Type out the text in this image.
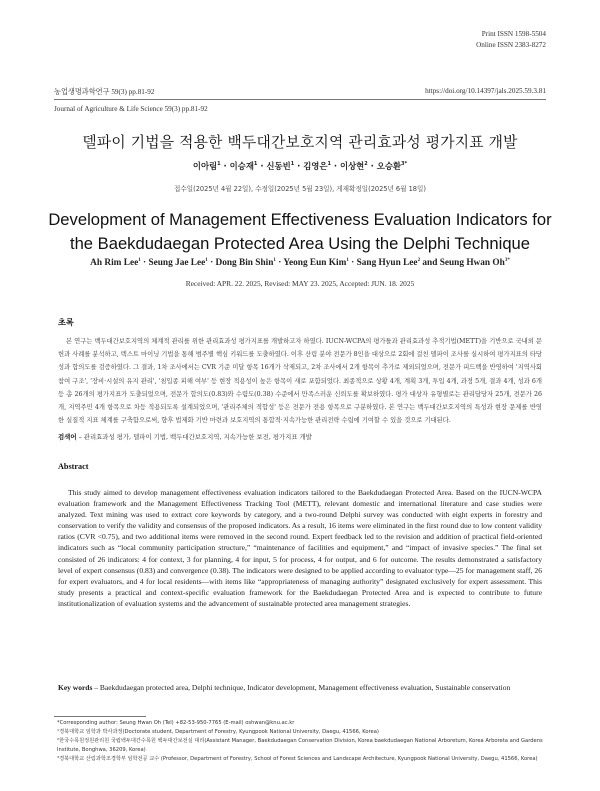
Print ISSN 1598-5504
Online ISSN 2383-8272
농업생명과학연구 59(3) pp.81-92	https://doi.org/10.14397/jals.2025.59.3.81
Journal of Agriculture & Life Science 59(3) pp.81-92
델파이 기법을 적용한 백두대간보호지역 관리효과성 평가지표 개발
이아림$^1$ · 이승재$^1$ · 신동빈$^1$ · 김영은$^1$ · 이상현$^2$ · 오승환$^{3*}$
접수일(2025년 4월 22일), 수정일(2025년 5월 23일), 게재확정일(2025년 6월 18일)
Development of Management Effectiveness Evaluation Indicators for
the Baekdudaegan Protected Area Using the Delphi Technique
Ah Rim Lee$^1$ · Seung Jae Lee$^1$ · Dong Bin Shin$^1$ · Yeong Eun Kim$^1$ · Sang Hyun Lee$^2$ and Seung Hwan $Oh^{3*}$
Received: APR. 22. 2025, Revised: MAY 23. 2025, Accepted: JUN. 18. 2025
초록

본 연구는 백두대간보호지역의 체계적 관리를 위한 관리효과성 평가지표를 개발하고자 하였다. IUCN-WCPA의 평가틀과 관리효과성 추적기법(METT)을 기반으로 국내외 문헌과 사례를 분석하고, 텍스트 마이닝 기법을 통해 범주별 핵심 키워드를 도출하였다. 이후 산림 분야 전문가 8인을 대상으로 2회에 걸친 델파이 조사를 실시하여 평가지표의 타당성과 합의도를 검증하였다. 그 결과, 1차 조사에서는 CVR 기준 미달 항목 16개가 삭제되고, 2차 조사에서 2개 항목이 추가로 제외되었으며, 전문가 피드백을 반영하여 '지역사회 참여 구조', '장비·시설의 유지 관리', '침입종 피해 여부' 등 현장 적용성이 높은 항목이 새로 포함되었다. 최종적으로 상황 4개, 계획 3개, 투입 4개, 과정 5개, 결과 4개, 성과 6개 등 총 26개의 평가지표가 도출되었으며, 전문가 합의도(0.83)와 수렴도(0.38) 수준에서 만족스러운 신뢰도를 확보하였다. 평가 대상자 유형별로는 관리담당자 25개, 전문가 26개, 지역주민 4개 항목으로 차등 적용되도록 설계되었으며, '관리주체의 적합성' 등은 전문가 전용 항목으로 구분하였다. 본 연구는 백두대간보호지역의 특성과 현장 문제를 반영한 실질적 지표 체계를 구축함으로써, 향후 법제화 기반 마련과 보호지역의 통합적·지속가능한 관리전략 수립에 기여할 수 있을 것으로 기대된다.

검색어 – 관리효과성 평가, 델파이 기법, 백두대간보호지역, 지속가능한 보전, 평가지표 개발

Abstract

This study aimed to develop management effectiveness evaluation indicators tailored to the Baekdudaegan Protected Area. Based on the IUCN-WCPA evaluation framework and the Management Effectiveness Tracking Tool (METT), relevant domestic and international literature and case studies were analyzed. Text mining was used to extract core keywords by category, and a two-round Delphi survey was conducted with eight experts in forestry and conservation to verify the validity and consensus of the proposed indicators. As a result, 16 items were eliminated in the first round due to low content validity ratios (CVR <0.75), and two additional items were removed in the second round. Expert feedback led to the revision and addition of practical field-oriented indicators such as “local community participation structure,” “maintenance of facilities and equipment,” and “impact of invasive species.” The final set consisted of 26 indicators: 4 for context, 3 for planning, 4 for input, 5 for process, 4 for output, and 6 for outcome. The results demonstrated a satisfactory level of expert consensus (0.83) and convergence (0.38). The indicators were designed to be applied according to evaluator type—25 for management staff, 26 for expert evaluators, and 4 for local residents—with items like “appropriateness of managing authority” designated exclusively for expert assessment. This study presents a practical and context-specific evaluation framework for the Baekdudaegan Protected Area and is expected to contribute to future institutionalization of evaluation systems and the advancement of sustainable protected area management strategies.

Key words – Baekdudaegan protected area, Delphi technique, Indicator development, Management effectiveness evaluation, Sustainable conservation

*Corresponding author: Seung Hwan Oh (Tel) +82-53-950-7765 (E-mail) oshwan@knu.ac.kr
¹경북대학교 임학과 박사과정(Doctorate student, Department of Forestry, Kyungpook National University, Daegu, 41566, Korea)
²한국수목원정원관리원 국립백두대간수목원 백두대간보전실 대리(Assistant Manager, Baekdudaegan Conservation Division, Korea baekdudaegan National Arboretum, Korea Arboreta and Gardens Institute, Bonghwa, 36209, Korea)
³경북대학교 산림과학조경학부 임학전공 교수 (Professor, Department of Forestry, School of Forest Sciences and Landscape Architecture, Kyungpook National University, Daegu, 41566, Korea)
